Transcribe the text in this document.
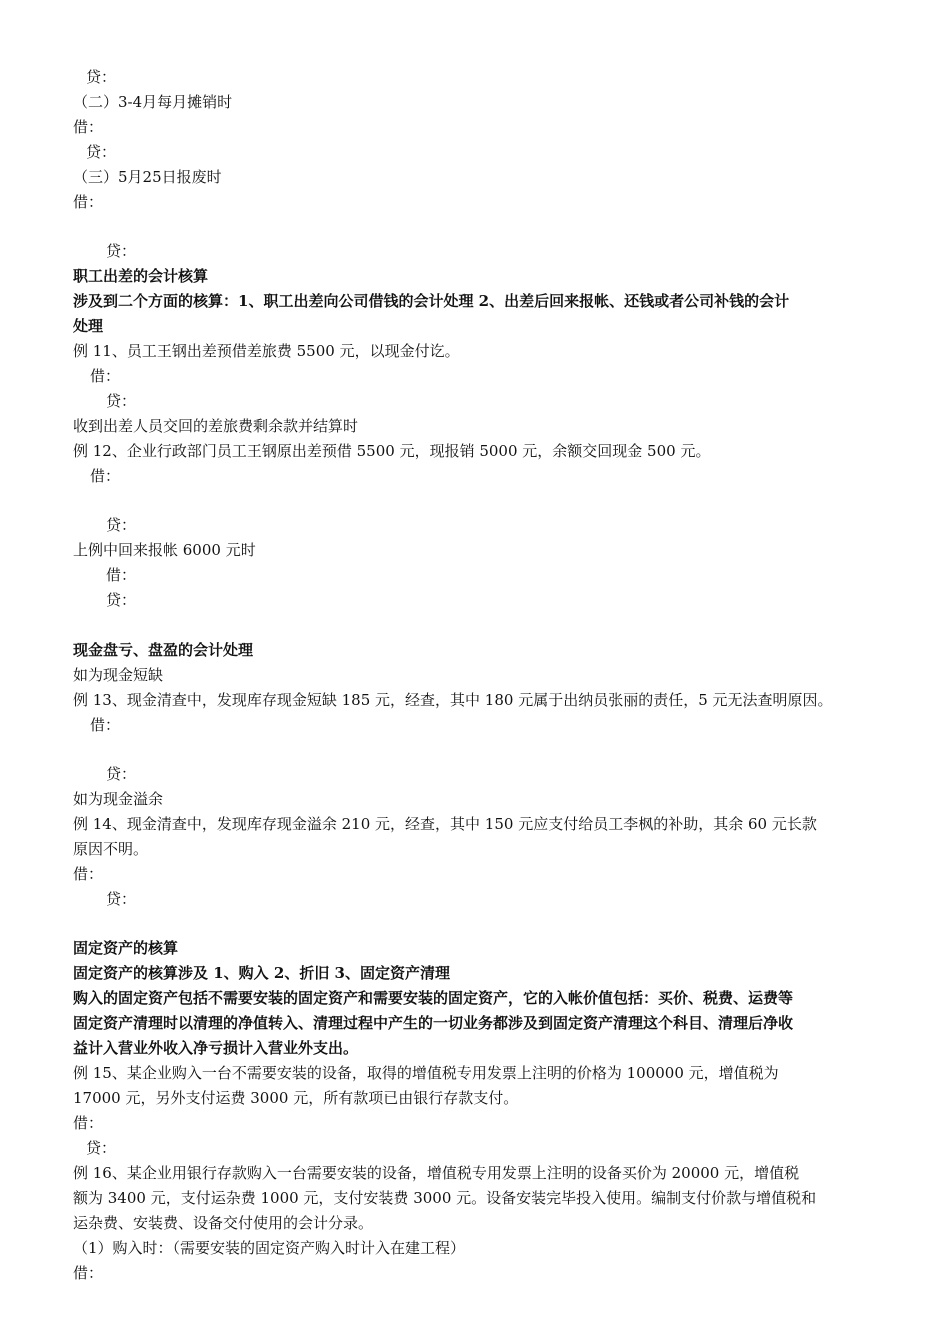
贷：
（二）3-4月每月摊销时
借：
贷：
（三）5月25日报废时
借：
贷：
职工出差的会计核算
涉及到二个方面的核算：1、职工出差向公司借钱的会计处理 2、出差后回来报帐、还钱或者公司补钱的会计
处理
例 11、员工王钢出差预借差旅费 5500 元，以现金付讫。
借：
贷：
收到出差人员交回的差旅费剩余款并结算时
例 12、企业行政部门员工王钢原出差预借 5500 元，现报销 5000 元，余额交回现金 500 元。
借：
贷：
上例中回来报帐 6000 元时
借：
贷：
现金盘亏、盘盈的会计处理
如为现金短缺
例 13、现金清查中，发现库存现金短缺 185 元，经查，其中 180 元属于出纳员张丽的责任，5 元无法查明原因。
借：
贷：
如为现金溢余
例 14、现金清查中，发现库存现金溢余 210 元，经查，其中 150 元应支付给员工李枫的补助，其余 60 元长款
原因不明。
借：
贷：
固定资产的核算
固定资产的核算涉及 1、购入 2、折旧 3、固定资产清理
购入的固定资产包括不需要安装的固定资产和需要安装的固定资产，它的入帐价值包括：买价、税费、运费等
固定资产清理时以清理的净值转入、清理过程中产生的一切业务都涉及到固定资产清理这个科目、清理后净收
益计入营业外收入净亏损计入营业外支出。
例 15、某企业购入一台不需要安装的设备，取得的增值税专用发票上注明的价格为 100000 元，增值税为
17000 元，另外支付运费 3000 元，所有款项已由银行存款支付。
借：
贷：
例 16、某企业用银行存款购入一台需要安装的设备，增值税专用发票上注明的设备买价为 20000 元，增值税
额为 3400 元，支付运杂费 1000 元，支付安装费 3000 元。设备安装完毕投入使用。编制支付价款与增值税和
运杂费、安装费、设备交付使用的会计分录。
（1）购入时：（需要安装的固定资产购入时计入在建工程）
借：
